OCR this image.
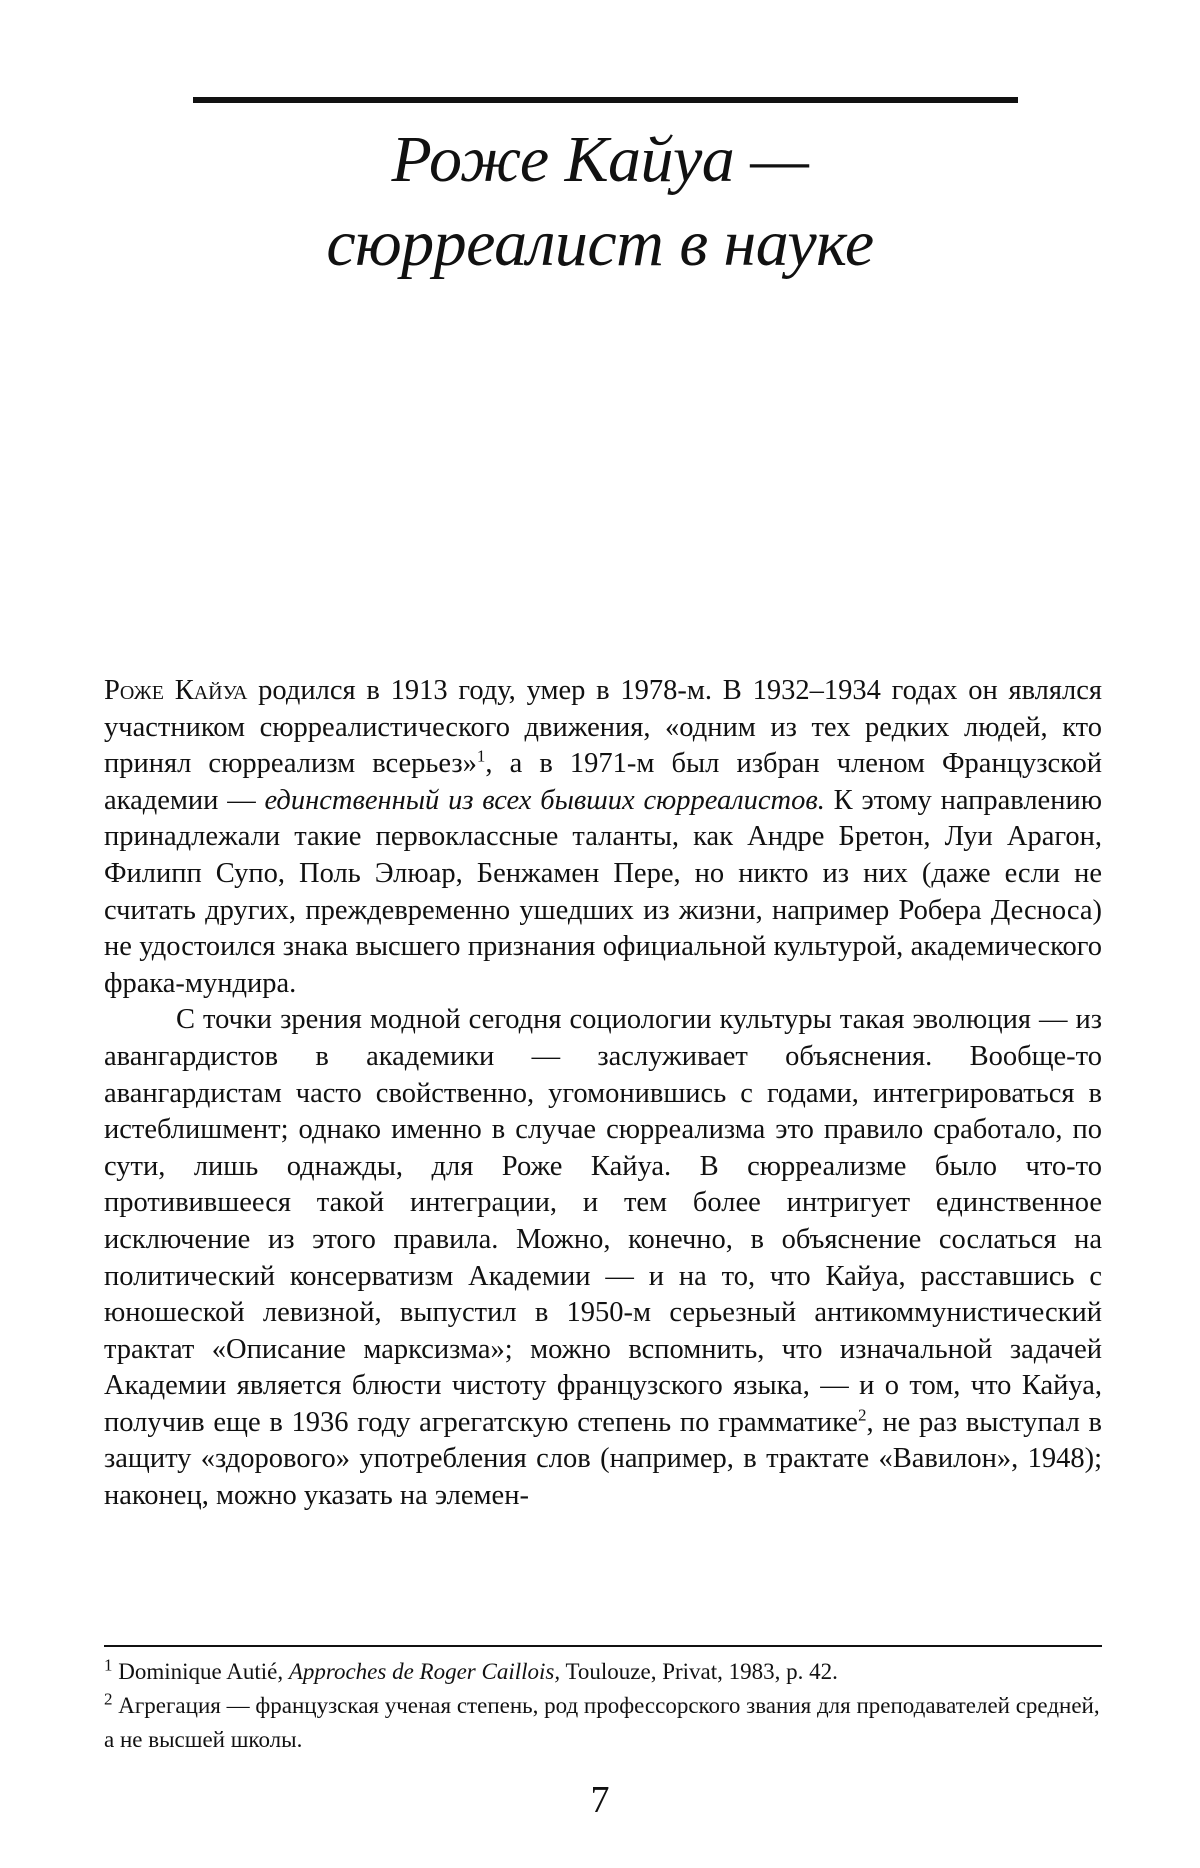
Роже Кайуа —
сюрреалист в науке

Роже Кайуа родился в 1913 году, умер в 1978-м. В 1932–1934 годах он являлся участником сюрреалистического движения, «одним из тех редких людей, кто принял сюрреализм всерьез»$^1$, а в 1971-м был избран членом Французской академии — единственный из всех бывших сюрреалистов. К этому направлению принадлежали такие первоклассные таланты, как Андре Бретон, Луи Арагон, Филипп Супо, Поль Элюар, Бенжамен Пере, но никто из них (даже если не считать других, преждевременно ушедших из жизни, например Робера Десноса) не удостоился знака высшего признания официальной культурой, академического фрака-мундира.

С точки зрения модной сегодня социологии культуры такая эволюция — из авангардистов в академики — заслуживает объяснения. Вообще-то авангардистам часто свойственно, угомонившись с годами, интегрироваться в истеблишмент; однако именно в случае сюрреализма это правило сработало, по сути, лишь однажды, для Роже Кайуа. В сюрреализме было что-то противившееся такой интеграции, и тем более интригует единственное исключение из этого правила. Можно, конечно, в объяснение сослаться на политический консерватизм Академии — и на то, что Кайуа, расставшись с юношеской левизной, выпустил в 1950-м серьезный антикоммунистический трактат «Описание марксизма»; можно вспомнить, что изначальной задачей Академии является блюсти чистоту французского языка, — и о том, что Кайуа, получив еще в 1936 году агрегатскую степень по грамматике$^2$, не раз выступал в защиту «здорового» употребления слов (например, в трактате «Вавилон», 1948); наконец, можно указать на элемен-

$^1$ Dominique Autié, Approches de Roger Caillois, Toulouze, Privat, 1983, p. 42.

$^2$ Агрегация — французская ученая степень, род профессорского звания для преподавателей средней, а не высшей школы.

7
